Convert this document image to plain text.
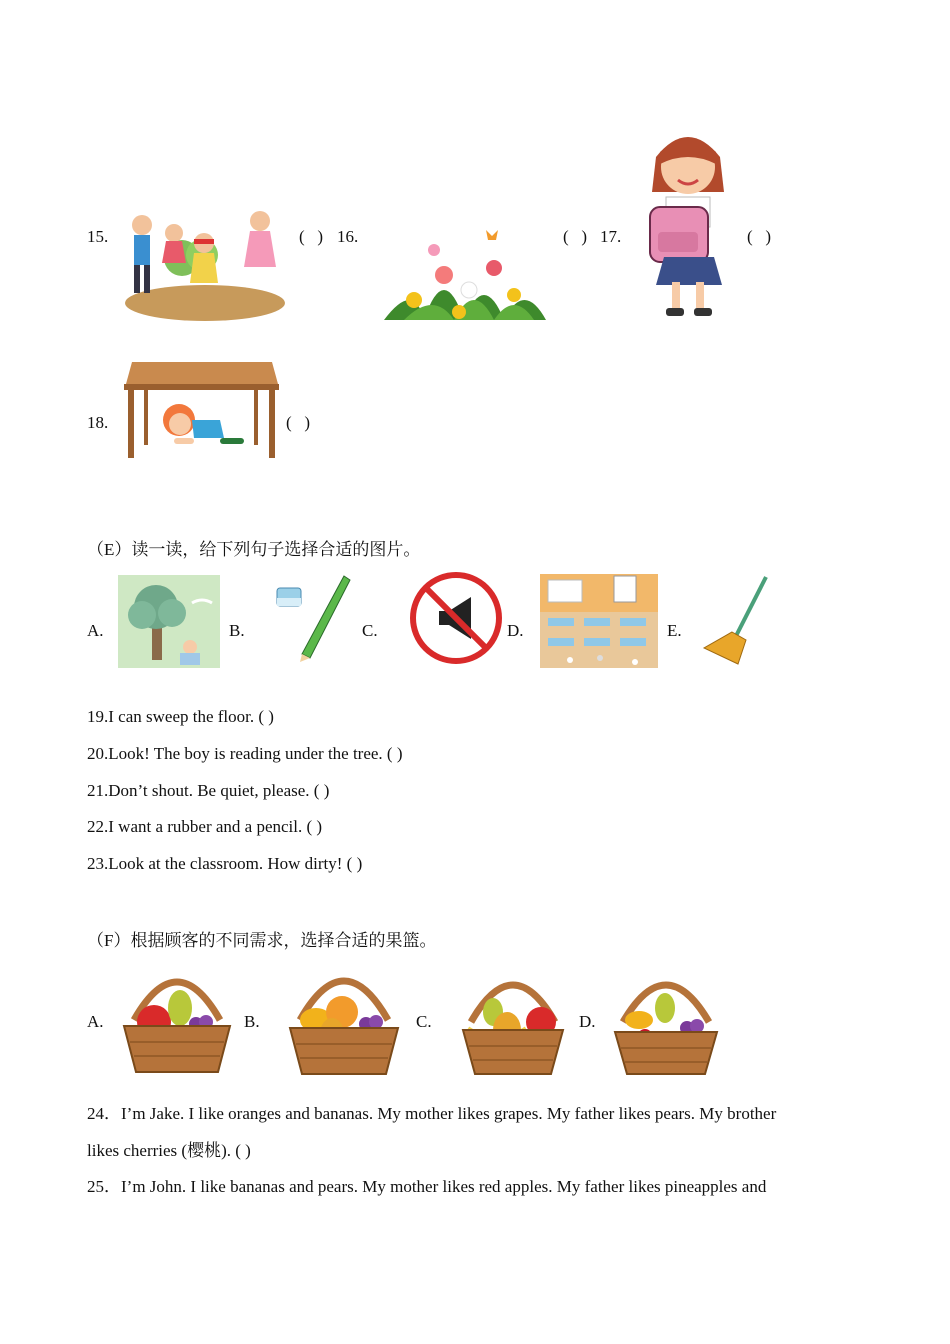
15.	(   ) 16.	(   ) 17.	(   )
18.	(   )
（E）读一读，给下列句子选择合适的图片。
A.	B.	C.	D.	E.
19.I can sweep the floor. ( )
20.Look! The boy is reading under the tree. ( )
21.Don’t shout. Be quiet, please. ( )
22.I want a rubber and a pencil. ( )
23.Look at the classroom. How dirty! ( )
（F）根据顾客的不同需求，选择合适的果篮。
A.	B.	C.	D.
24．I’m Jake. I like oranges and bananas. My mother likes grapes. My father likes pears. My brother
likes cherries (樱桃). ( )
25．I’m John. I like bananas and pears. My mother likes red apples. My father likes pineapples and
